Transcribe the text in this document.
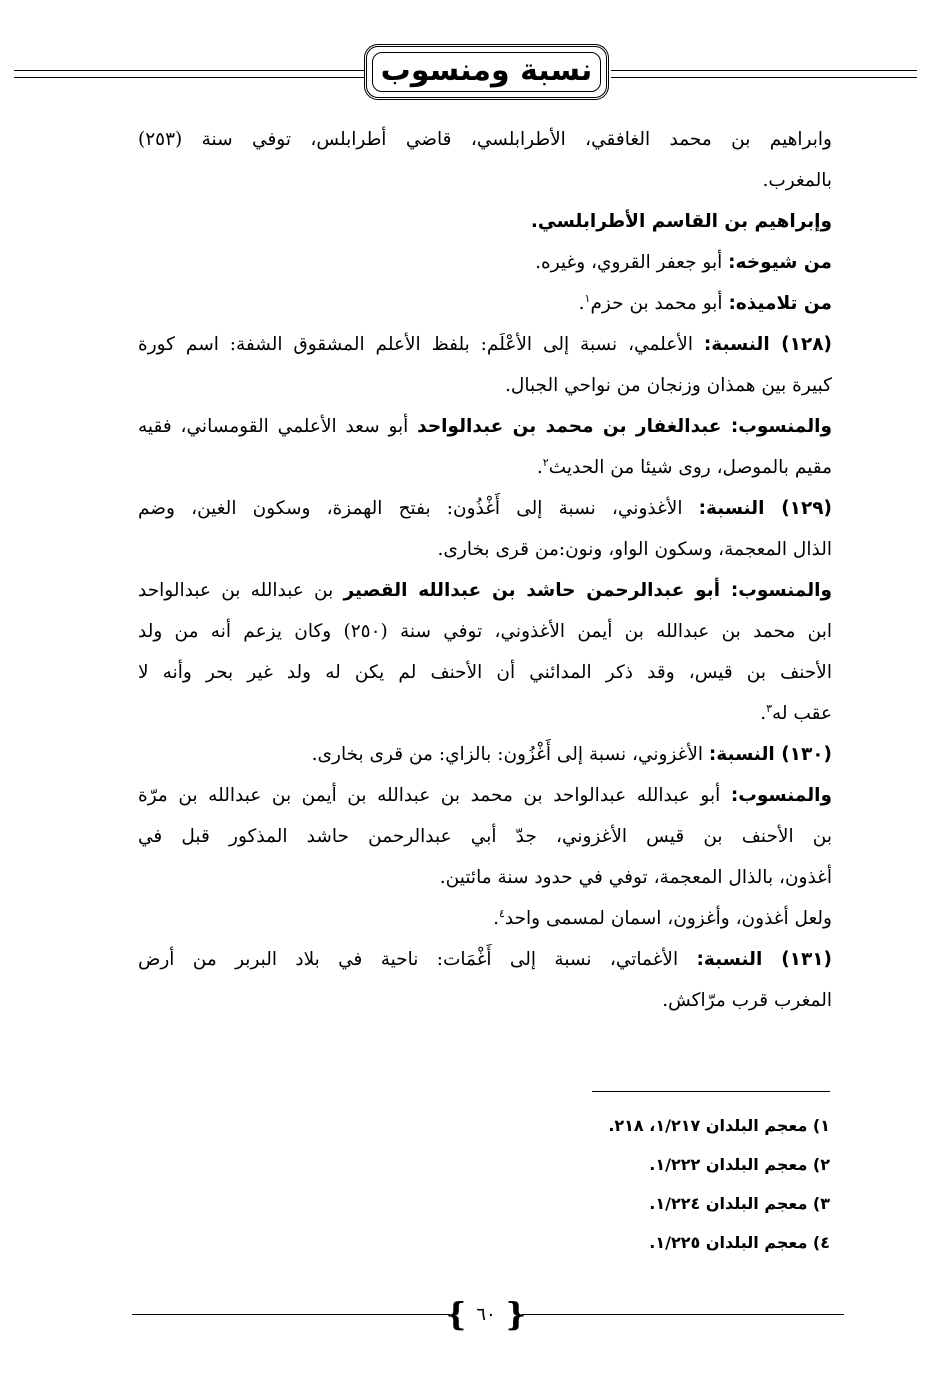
نسبة ومنسوب
وابراهيم بن محمد الغافقي، الأطرابلسي، قاضي أطرابلس، توفي سنة (٢٥٣)
بالمغرب.
وإبراهيم بن القاسم الأطرابلسي.
من شيوخه: أبو جعفر القروي، وغيره.
من تلاميذه: أبو محمد بن حزم$^١$.
(١٢٨) النسبة: الأعلمي، نسبة إلى الأعْلَم: بلفظ الأعلم المشقوق الشفة: اسم كورة
كبيرة بين همذان وزنجان من نواحي الجبال.
والمنسوب: عبدالغفار بن محمد بن عبدالواحد أبو سعد الأعلمي القومساني، فقيه
مقيم بالموصل، روى شيئا من الحديث$^٢$.
(١٢٩) النسبة: الأغذوني، نسبة إلى أَغْذُون: بفتح الهمزة، وسكون الغين، وضم
الذال المعجمة، وسكون الواو، ونون:من قرى بخارى.
والمنسوب: أبو عبدالرحمن حاشد بن عبدالله القصير بن عبدالله بن عبدالواحد
ابن محمد بن عبدالله بن أيمن الأغذوني، توفي سنة (٢٥٠) وكان يزعم أنه من ولد
الأحنف بن قيس، وقد ذكر المدائني أن الأحنف لم يكن له ولد غير بحر وأنه لا
عقب له$^٣$.
(١٣٠) النسبة: الأغزوني، نسبة إلى أَغْزُون: بالزاي: من قرى بخارى.
والمنسوب: أبو عبدالله عبدالواحد بن محمد بن عبدالله بن أيمن بن عبدالله بن مرّة
بن الأحنف بن قيس الأغزوني، جدّ أبي عبدالرحمن حاشد المذكور قبل في
أغذون، بالذال المعجمة، توفي في حدود سنة مائتين.
ولعل أغذون، وأغزون، اسمان لمسمى واحد$^٤$.
(١٣١) النسبة: الأغماتي، نسبة إلى أَغْمَات: ناحية في بلاد البربر من أرض
المغرب قرب مرّاكش.
١) معجم البلدان ١/٢١٧، ٢١٨.
٢) معجم البلدان ١/٢٢٢.
٣) معجم البلدان ١/٢٢٤.
٤) معجم البلدان ١/٢٢٥.
{ ٦٠ }
